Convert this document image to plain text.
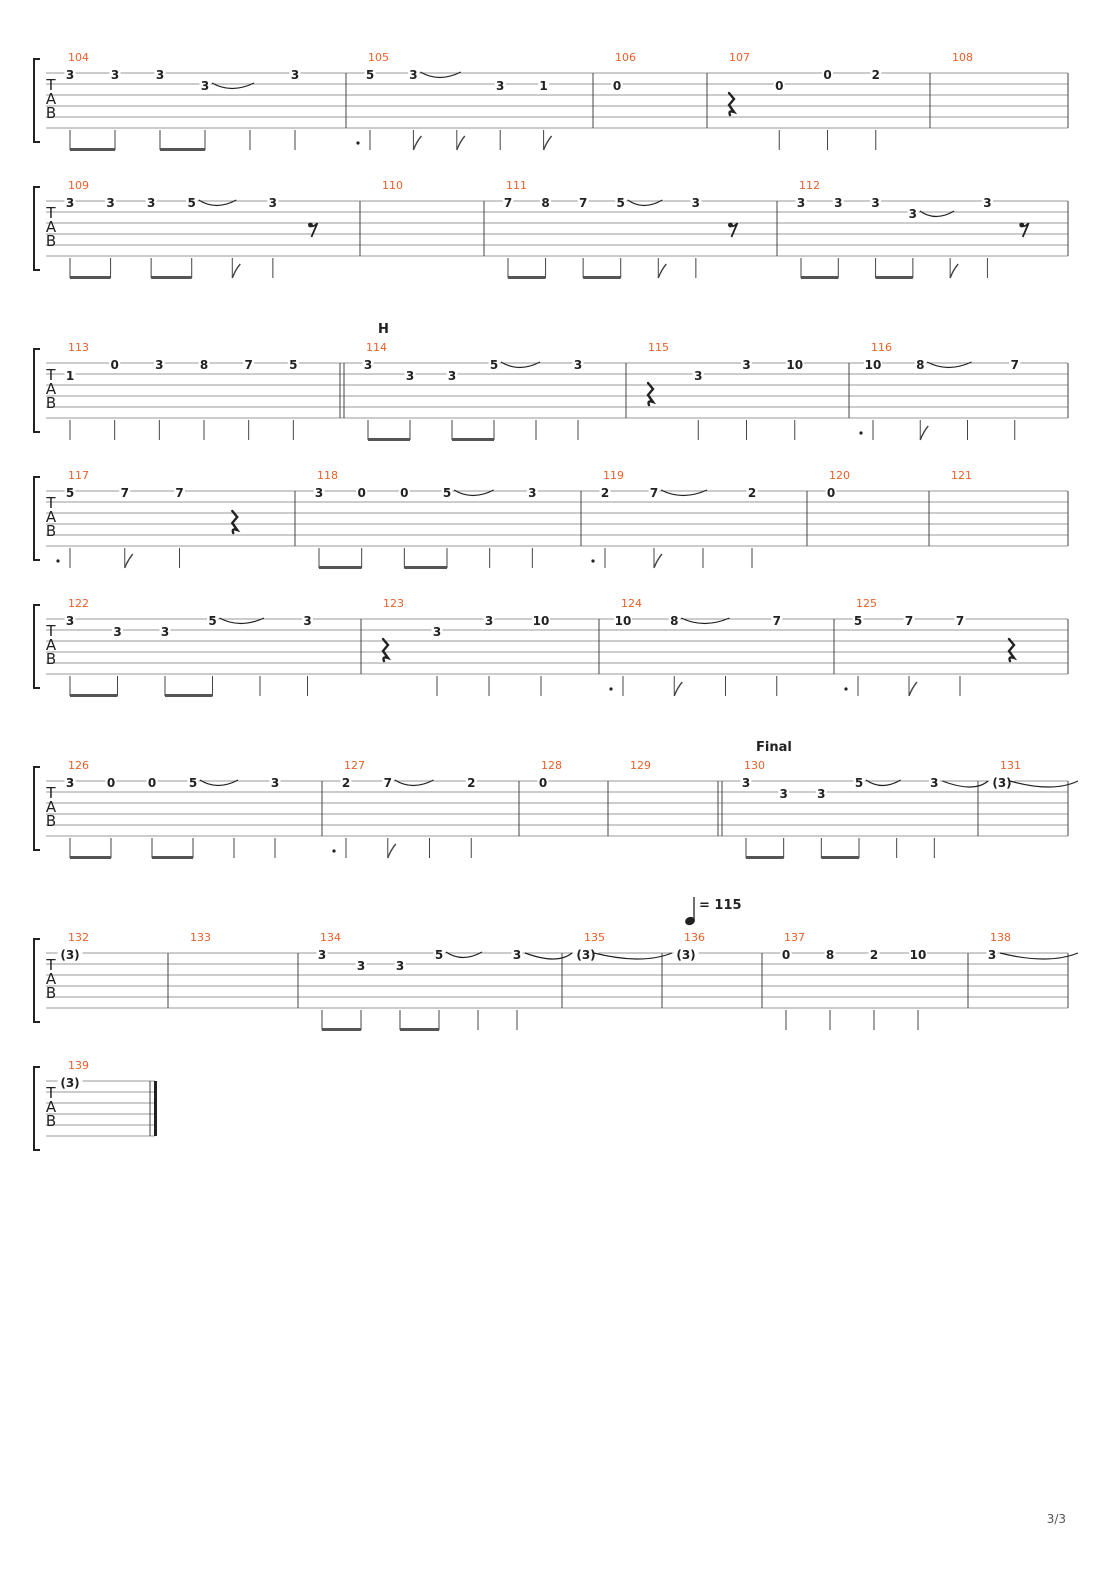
T
A
B
104
3	3	3
3
3
105
5	3
3	1
106
0
107
0
0	2
108
T
A
B
109
3	3	3	5	3
110	111
7 8 7 5	3
112
3 3 3
3
3
T
A
B
113
1
0	3	8	7	5
114
H
3
3	3
5	3
115
3
3	10
116
10	8	7
T
A
B
117
5	7	7
118
3	0	0	5	3
119
2	7	2
120
0
121
T
A
B
122
3
3	3
5	3
123
3
3	10
124
10	8	7
125
5	7	7
T
A
B
126
3	0	0	5	3
127
2	7	2
128
0
129	130
Final
3
3 3
5	3
131
(3)
T
A
B
132
(3)
133	134
3
3	3
5	3
135
(3)
136
= 115
(3)
137
0	8	2	10
138
3
T
A
B
139
(3)
3/3
